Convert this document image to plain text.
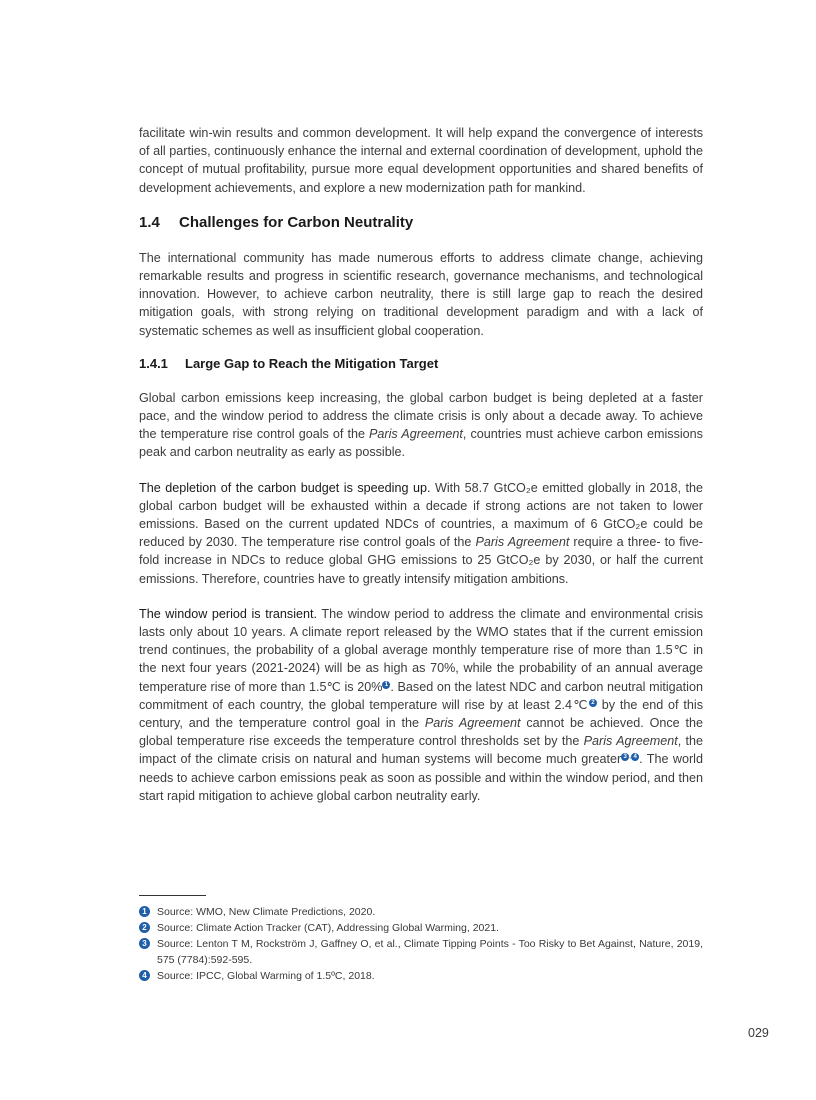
facilitate win-win results and common development. It will help expand the convergence of interests of all parties, continuously enhance the internal and external coordination of development, uphold the concept of mutual profitability, pursue more equal development opportunities and shared benefits of development achievements, and explore a new modernization path for mankind.

1.4 Challenges for Carbon Neutrality

The international community has made numerous efforts to address climate change, achieving remarkable results and progress in scientific research, governance mechanisms, and technological innovation. However, to achieve carbon neutrality, there is still large gap to reach the desired mitigation goals, with strong relying on traditional development paradigm and with a lack of systematic schemes as well as insufficient global cooperation.

1.4.1 Large Gap to Reach the Mitigation Target

Global carbon emissions keep increasing, the global carbon budget is being depleted at a faster pace, and the window period to address the climate crisis is only about a decade away. To achieve the temperature rise control goals of the Paris Agreement, countries must achieve carbon emissions peak and carbon neutrality as early as possible.

The depletion of the carbon budget is speeding up. With 58.7 GtCO₂e emitted globally in 2018, the global carbon budget will be exhausted within a decade if strong actions are not taken to lower emissions. Based on the current updated NDCs of countries, a maximum of 6 GtCO₂e could be reduced by 2030. The temperature rise control goals of the Paris Agreement require a three- to five-fold increase in NDCs to reduce global GHG emissions to 25 GtCO₂e by 2030, or half the current emissions. Therefore, countries have to greatly intensify mitigation ambitions.

The window period is transient. The window period to address the climate and environmental crisis lasts only about 10 years. A climate report released by the WMO states that if the current emission trend continues, the probability of a global average monthly temperature rise of more than 1.5℃ in the next four years (2021-2024) will be as high as 70%, while the probability of an annual average temperature rise of more than 1.5℃ is 20% 1 . Based on the latest NDC and carbon neutral mitigation commitment of each country, the global temperature will rise by at least 2.4℃ 2 by the end of this century, and the temperature control goal in the Paris Agreement cannot be achieved. Once the global temperature rise exceeds the temperature control thresholds set by the Paris Agreement, the impact of the climate crisis on natural and human systems will become much greater 3 4 . The world needs to achieve carbon emissions peak as soon as possible and within the window period, and then start rapid mitigation to achieve global carbon neutrality early.

1 Source: WMO, New Climate Predictions, 2020.
2 Source: Climate Action Tracker (CAT), Addressing Global Warming, 2021.
3 Source: Lenton T M, Rockström J, Gaffney O, et al., Climate Tipping Points - Too Risky to Bet Against, Nature, 2019, 575 (7784):592-595.
4 Source: IPCC, Global Warming of 1.5ºC, 2018.
029
